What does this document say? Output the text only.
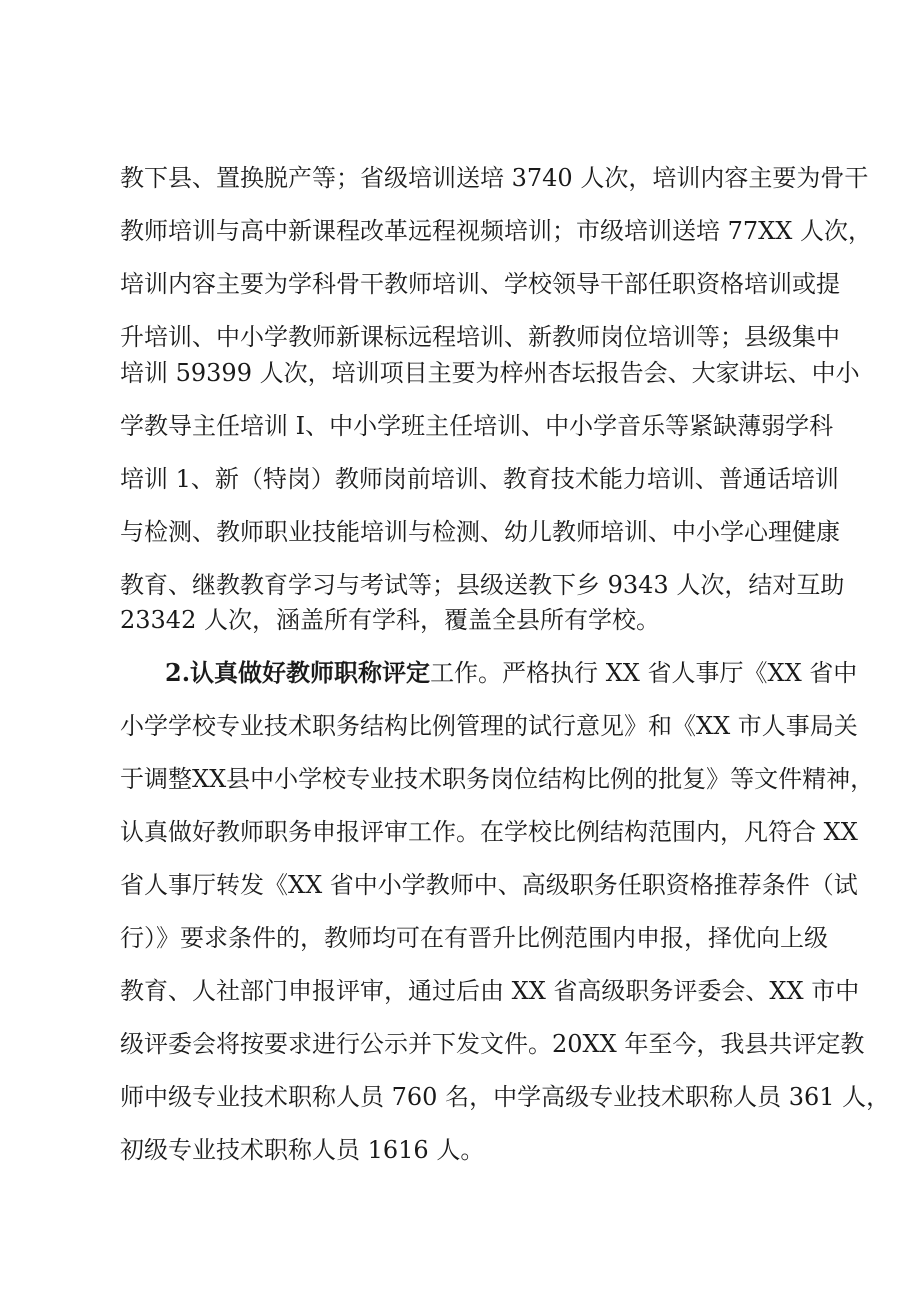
教下县、置换脱产等；省级培训送培 3740 人次，培训内容主要为骨干
教师培训与高中新课程改革远程视频培训；市级培训送培 77XX 人次，
培训内容主要为学科骨干教师培训、学校领导干部任职资格培训或提
升培训、中小学教师新课标远程培训、新教师岗位培训等；县级集中
培训 59399 人次，培训项目主要为梓州杏坛报告会、大家讲坛、中小
学教导主任培训 I、中小学班主任培训、中小学音乐等紧缺薄弱学科
培训 1、新（特岗）教师岗前培训、教育技术能力培训、普通话培训
与检测、教师职业技能培训与检测、幼儿教师培训、中小学心理健康
教育、继教教育学习与考试等；县级送教下乡 9343 人次，结对互助
23342 人次，涵盖所有学科，覆盖全县所有学校。
2.认真做好教师职称评定工作。严格执行 XX 省人事厅《XX 省中
小学学校专业技术职务结构比例管理的试行意见》和《XX 市人事局关
于调整XX县中小学校专业技术职务岗位结构比例的批复》等文件精神，
认真做好教师职务申报评审工作。在学校比例结构范围内，凡符合 XX
省人事厅转发《XX 省中小学教师中、高级职务任职资格推荐条件（试
行）》要求条件的，教师均可在有晋升比例范围内申报，择优向上级
教育、人社部门申报评审，通过后由 XX 省高级职务评委会、XX 市中
级评委会将按要求进行公示并下发文件。20XX 年至今，我县共评定教
师中级专业技术职称人员 760 名，中学高级专业技术职称人员 361 人，
初级专业技术职称人员 1616 人。
